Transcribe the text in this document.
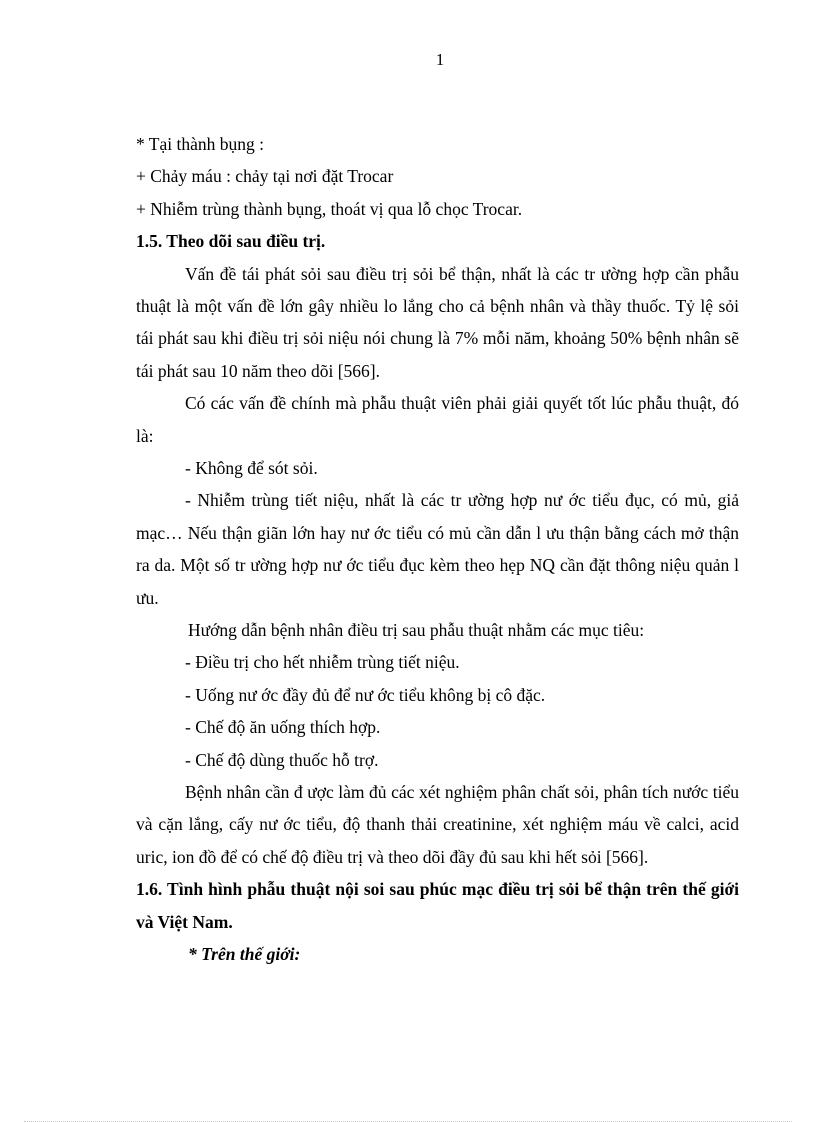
1
* Tại thành bụng :
+ Chảy máu : chảy tại nơi đặt Trocar
+ Nhiễm trùng thành bụng, thoát vị qua lỗ chọc Trocar.
1.5. Theo dõi sau điều trị.

Vấn đề tái phát sỏi sau điều trị sỏi bể thận, nhất là các tr ường hợp cần phẫu thuật là một vấn đề lớn gây nhiều lo lắng cho cả bệnh nhân và thầy thuốc. Tỷ lệ sỏi tái phát sau khi điều trị sỏi niệu nói chung là 7% mỗi năm, khoảng 50% bệnh nhân sẽ tái phát sau 10 năm theo dõi [566].

Có các vấn đề chính mà phẫu thuật viên phải giải quyết tốt lúc phẫu thuật, đó là:

- Không để sót sỏi.

- Nhiễm trùng tiết niệu, nhất là các tr ường hợp nư ớc tiểu đục, có mủ, giả mạc… Nếu thận giãn lớn hay nư ớc tiểu có mủ cần dẫn l ưu thận bằng cách mở thận ra da. Một số tr ường hợp nư ớc tiểu đục kèm theo hẹp NQ cần đặt thông niệu quản l ưu.

Hướng dẫn bệnh nhân điều trị sau phẫu thuật nhằm các mục tiêu:
- Điều trị cho hết nhiễm trùng tiết niệu.
- Uống nư ớc đầy đủ để nư ớc tiểu không bị cô đặc.
- Chế độ ăn uống thích hợp.
- Chế độ dùng thuốc hỗ trợ.

Bệnh nhân cần đ ược làm đủ các xét nghiệm phân chất sỏi, phân tích nước tiểu và cặn lắng, cấy nư ớc tiểu, độ thanh thải creatinine, xét nghiệm máu về calci, acid uric, ion đồ để có chế độ điều trị và theo dõi đầy đủ sau khi hết sỏi [566].

1.6. Tình hình phẫu thuật nội soi sau phúc mạc điều trị sỏi bể thận trên thế giới và Việt Nam.

* Trên thế giới:
